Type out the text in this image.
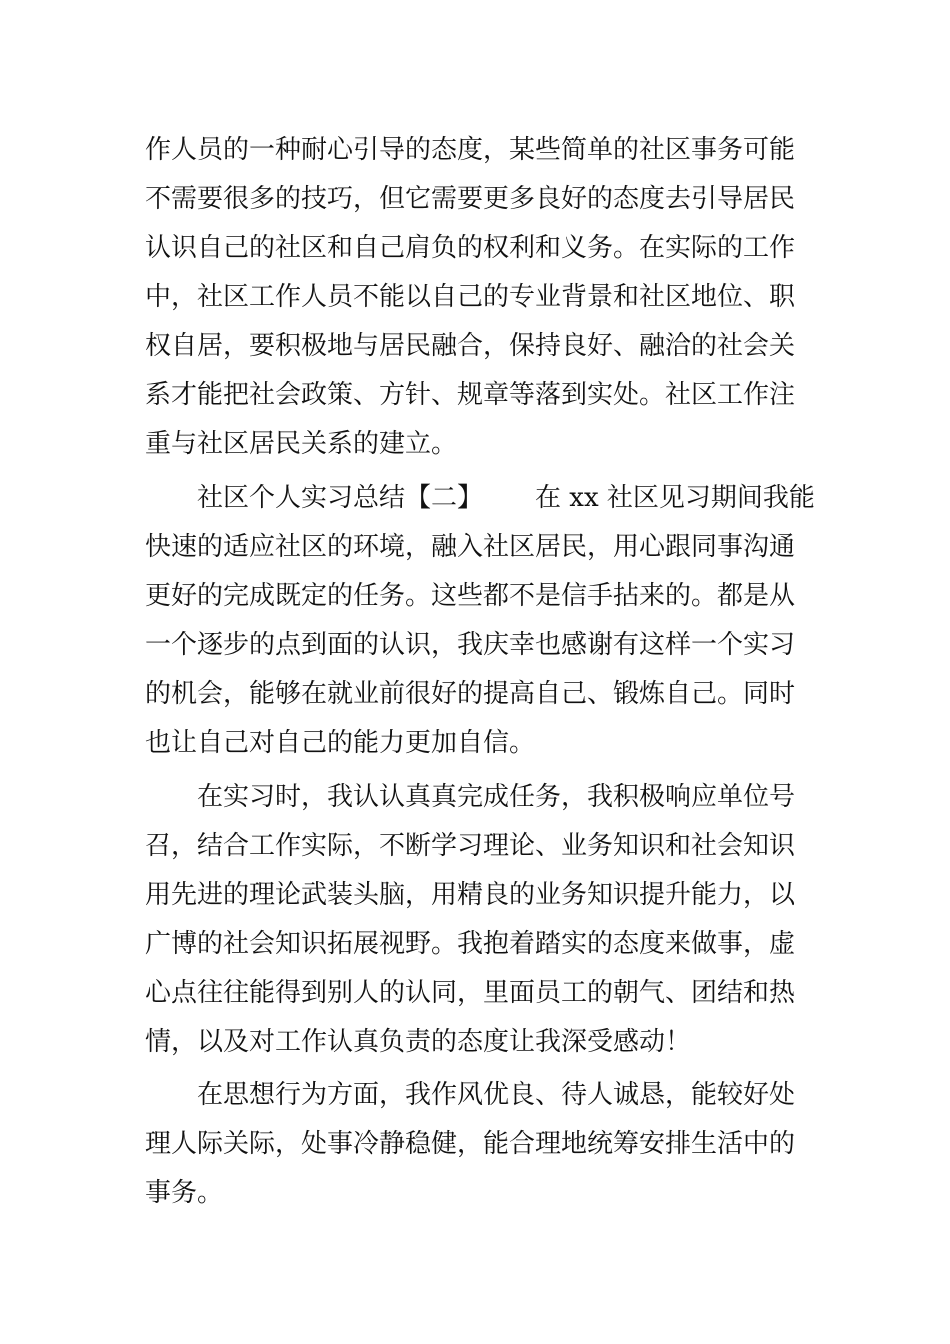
作人员的一种耐心引导的态度，某些简单的社区事务可能
不需要很多的技巧，但它需要更多良好的态度去引导居民
认识自己的社区和自己肩负的权利和义务。在实际的工作
中，社区工作人员不能以自己的专业背景和社区地位、职
权自居，要积极地与居民融合，保持良好、融洽的社会关
系才能把社会政策、方针、规章等落到实处。社区工作注
重与社区居民关系的建立。
社区个人实习总结【二】 在 xx 社区见习期间我能
快速的适应社区的环境，融入社区居民，用心跟同事沟通
更好的完成既定的任务。这些都不是信手拈来的。都是从
一个逐步的点到面的认识，我庆幸也感谢有这样一个实习
的机会，能够在就业前很好的提高自己、锻炼自己。同时
也让自己对自己的能力更加自信。
在实习时，我认认真真完成任务，我积极响应单位号
召，结合工作实际，不断学习理论、业务知识和社会知识
用先进的理论武装头脑，用精良的业务知识提升能力，以
广博的社会知识拓展视野。我抱着踏实的态度来做事，虚
心点往往能得到别人的认同，里面员工的朝气、团结和热
情，以及对工作认真负责的态度让我深受感动！
在思想行为方面，我作风优良、待人诚恳，能较好处
理人际关际，处事冷静稳健，能合理地统筹安排生活中的
事务。
